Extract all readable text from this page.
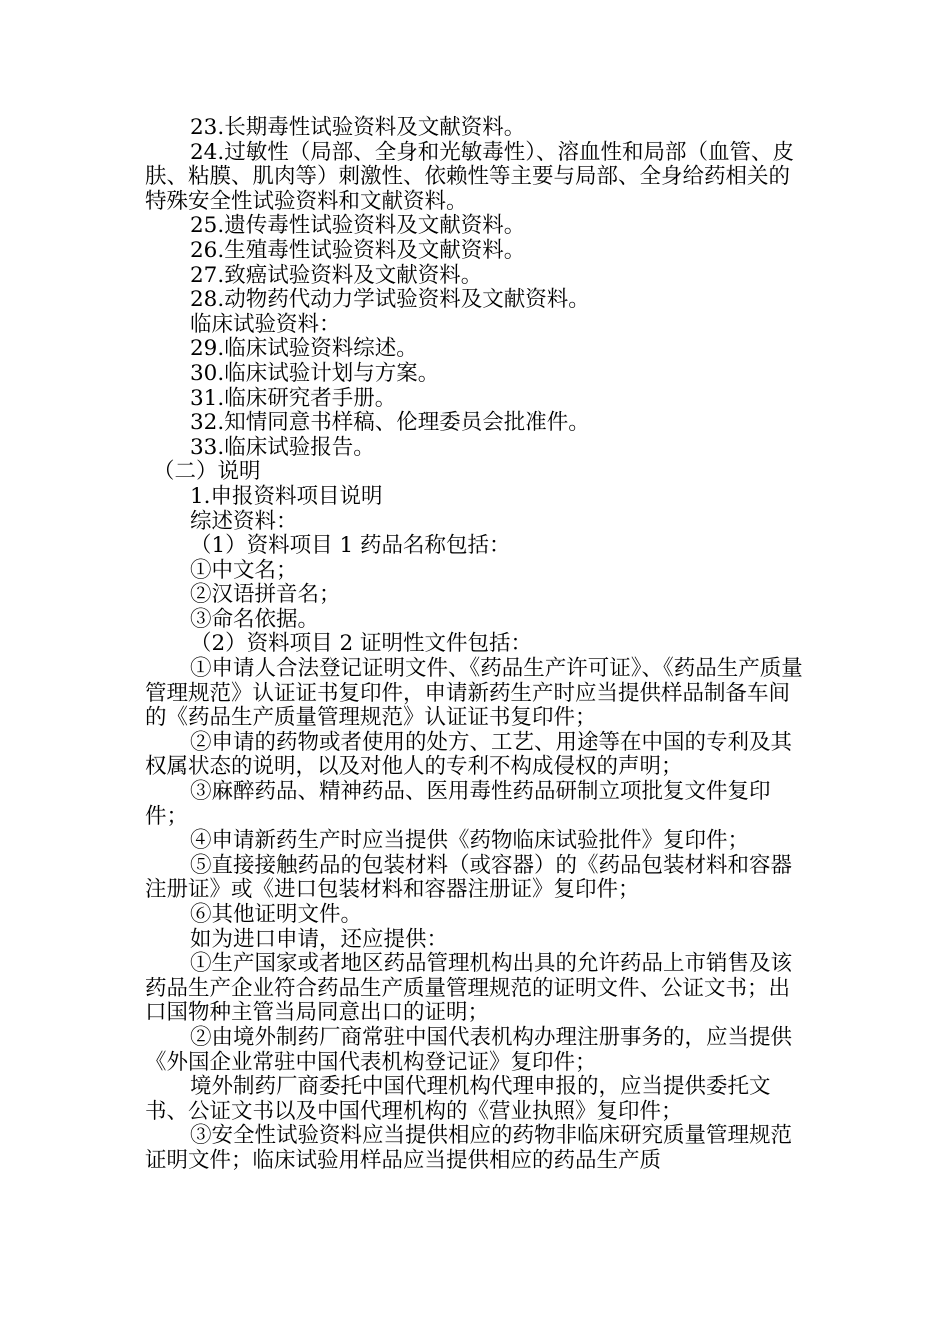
23.长期毒性试验资料及文献资料。

24.过敏性（局部、全身和光敏毒性）、溶血性和局部（血管、皮肤、粘膜、肌肉等）刺激性、依赖性等主要与局部、全身给药相关的特殊安全性试验资料和文献资料。

25.遗传毒性试验资料及文献资料。

26.生殖毒性试验资料及文献资料。

27.致癌试验资料及文献资料。

28.动物药代动力学试验资料及文献资料。

临床试验资料：

29.临床试验资料综述。

30.临床试验计划与方案。

31.临床研究者手册。

32.知情同意书样稿、伦理委员会批准件。

33.临床试验报告。

（二）说明

1.申报资料项目说明

综述资料：

（1）资料项目 1 药品名称包括：

①中文名；

②汉语拼音名；

③命名依据。

（2）资料项目 2 证明性文件包括：

①申请人合法登记证明文件、《药品生产许可证》、《药品生产质量管理规范》认证证书复印件，申请新药生产时应当提供样品制备车间的《药品生产质量管理规范》认证证书复印件；

②申请的药物或者使用的处方、工艺、用途等在中国的专利及其权属状态的说明，以及对他人的专利不构成侵权的声明；

③麻醉药品、精神药品、医用毒性药品研制立项批复文件复印件；

④申请新药生产时应当提供《药物临床试验批件》复印件；

⑤直接接触药品的包装材料（或容器）的《药品包装材料和容器注册证》或《进口包装材料和容器注册证》复印件；

⑥其他证明文件。

如为进口申请，还应提供：

①生产国家或者地区药品管理机构出具的允许药品上市销售及该药品生产企业符合药品生产质量管理规范的证明文件、公证文书；出口国物种主管当局同意出口的证明；

②由境外制药厂商常驻中国代表机构办理注册事务的，应当提供《外国企业常驻中国代表机构登记证》复印件；

境外制药厂商委托中国代理机构代理申报的，应当提供委托文书、公证文书以及中国代理机构的《营业执照》复印件；

③安全性试验资料应当提供相应的药物非临床研究质量管理规范证明文件；临床试验用样品应当提供相应的药品生产质
